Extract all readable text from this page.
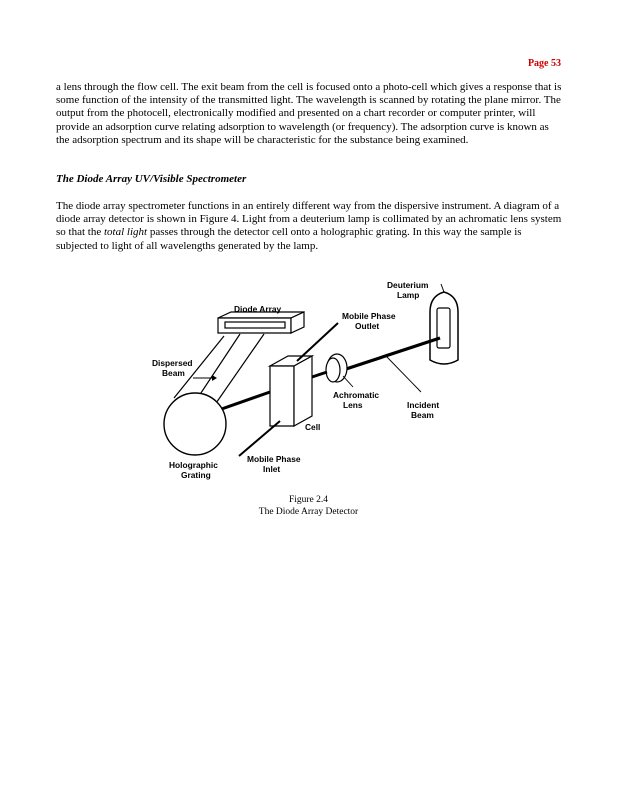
Page 53

a lens through the flow cell. The exit beam from the cell is focused onto a photo-cell which gives a response that is some function of the intensity of the transmitted light. The wavelength is scanned by rotating the plane mirror. The output from the photocell, electronically modified and presented on a chart recorder or computer printer, will provide an adsorption curve relating adsorption to wavelength (or frequency). The adsorption curve is known as the adsorption spectrum and its shape will be characteristic for the substance being examined.

The Diode Array UV/Visible Spectrometer

The diode array spectrometer functions in an entirely different way from the dispersive instrument. A diagram of a diode array detector is shown in Figure 4. Light from a deuterium lamp is collimated by an achromatic lens system so that the total light passes through the detector cell onto a holographic grating. In this way the sample is subjected to light of all wavelengths generated by the lamp.

Deuterium
Lamp
Diode Array
Mobile Phase
Outlet
Dispersed
Beam
Achromatic
Lens	Incident
Beam
Cell
Mobile Phase
Inlet
Holographic
Grating
Figure 2.4
The Diode Array Detector
